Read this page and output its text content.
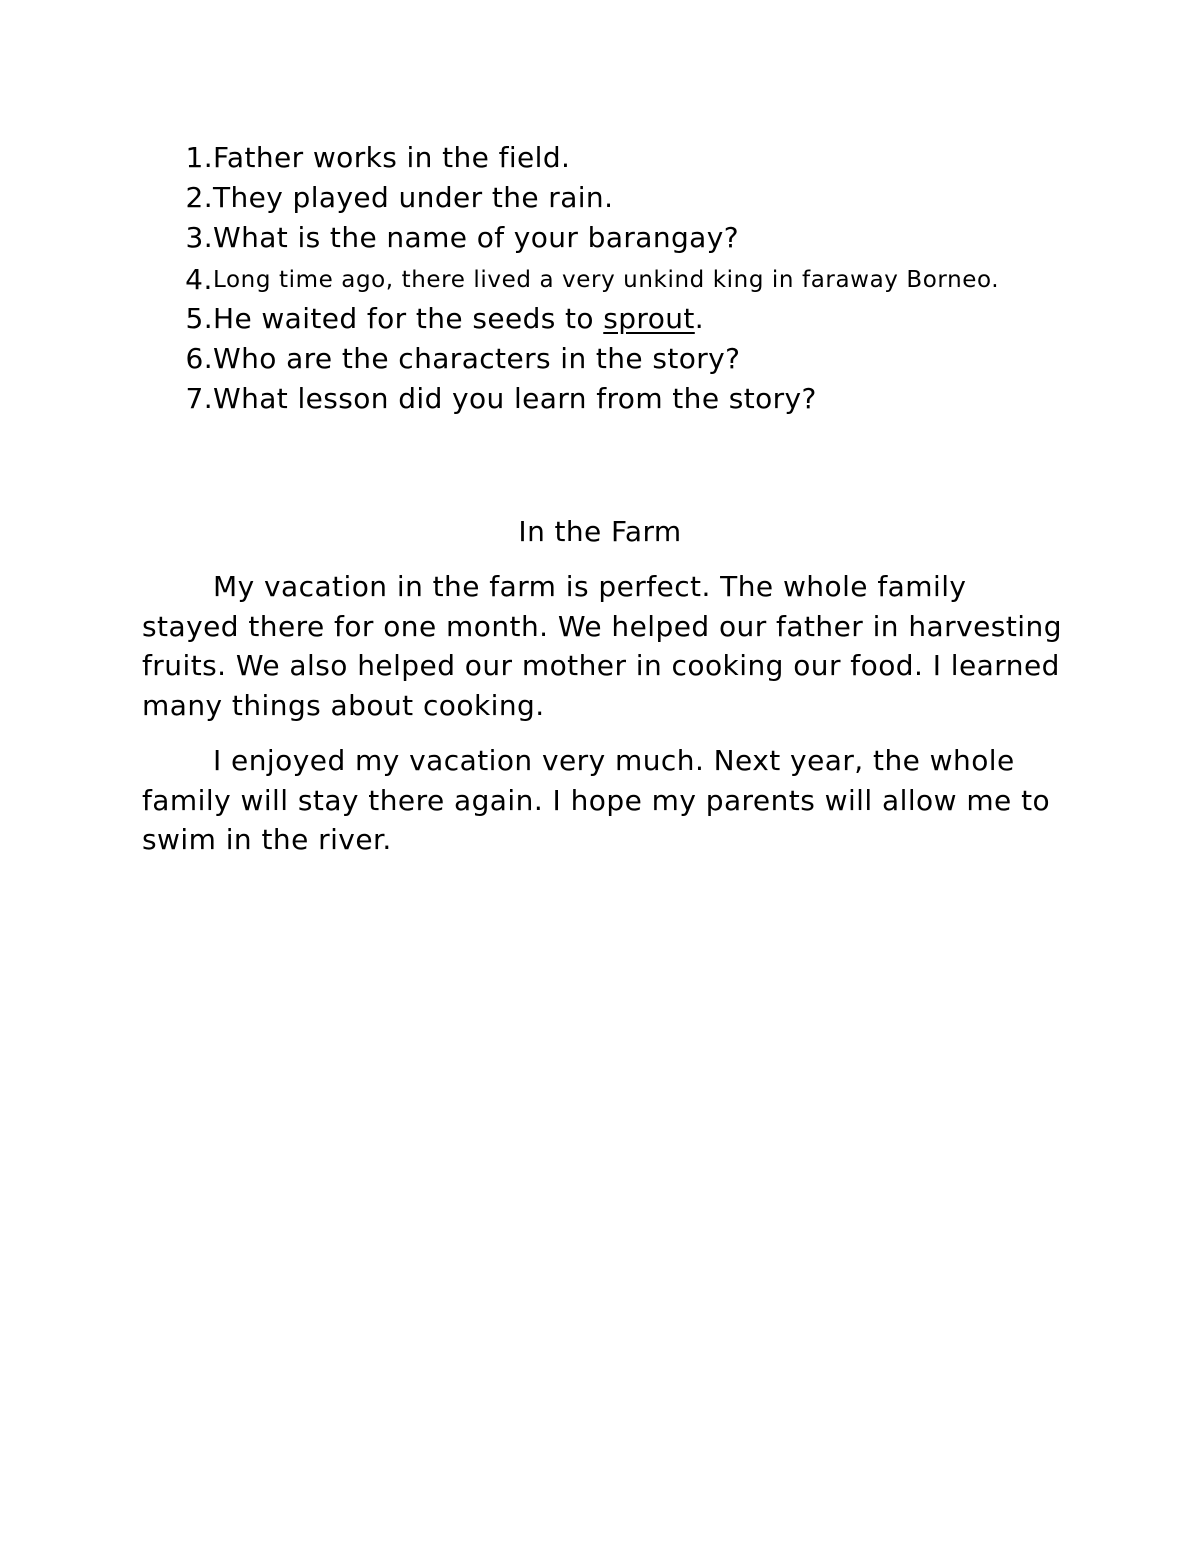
1. Father works in the field.
2. They played under the rain.
3. What is the name of your barangay?
4. Long time ago, there lived a very unkind king in faraway Borneo.
5. He waited for the seeds to sprout.
6. Who are the characters in the story?
7. What lesson did you learn from the story?
In the Farm

My vacation in the farm is perfect. The whole family stayed there for one month. We helped our father in harvesting fruits. We also helped our mother in cooking our food. I learned many things about cooking.

I enjoyed my vacation very much. Next year, the whole family will stay there again. I hope my parents will allow me to swim in the river.
